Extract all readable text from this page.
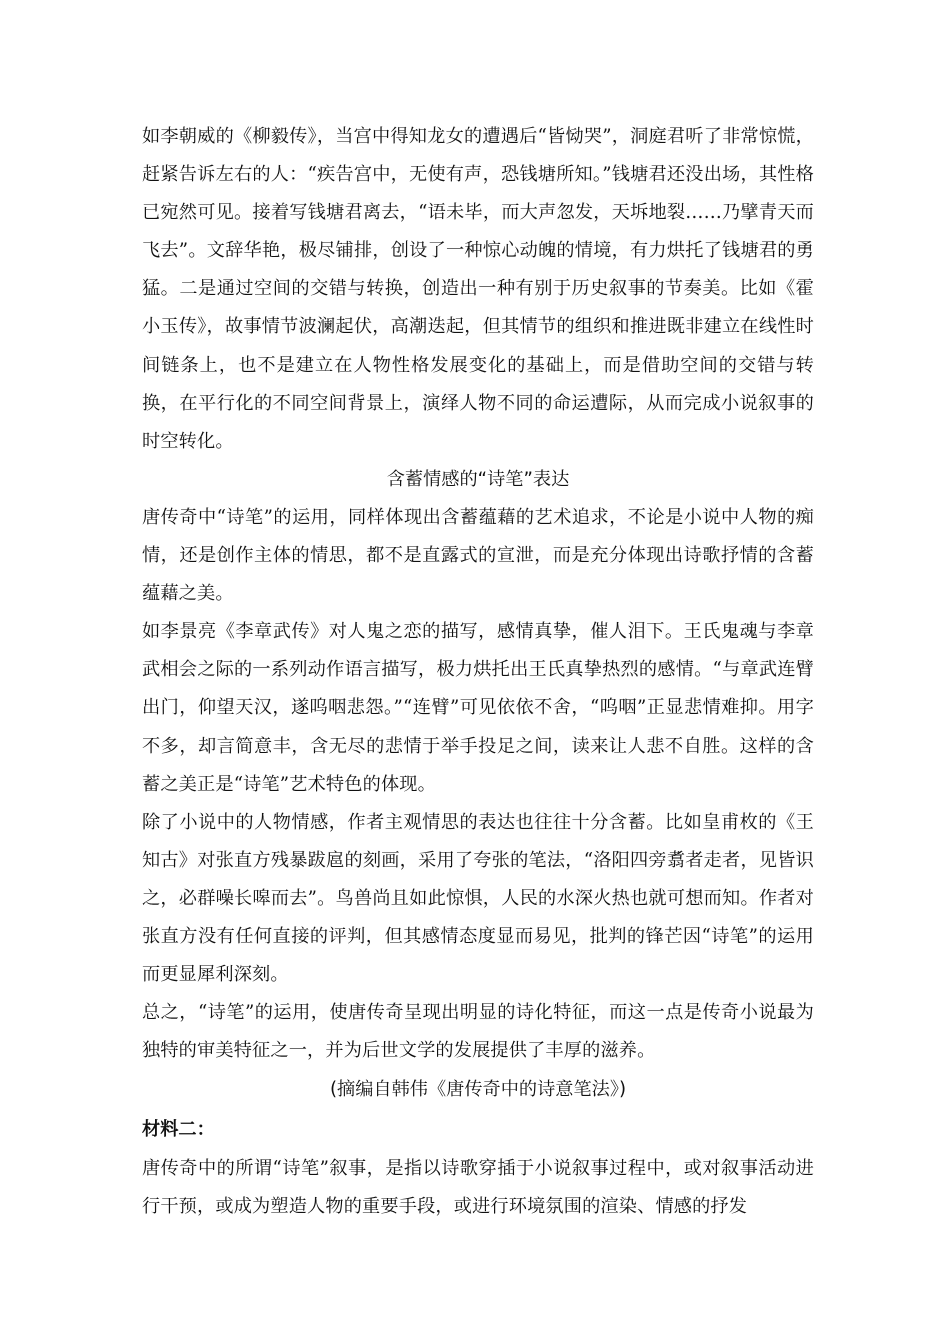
如李朝威的《柳毅传》，当宫中得知龙女的遭遇后“皆恸哭”，洞庭君听了非常惊慌，赶紧告诉左右的人：“疾告宫中，无使有声，恐钱塘所知。”钱塘君还没出场，其性格已宛然可见。接着写钱塘君离去，“语未毕，而大声忽发，天坼地裂……乃擘青天而飞去”。文辞华艳，极尽铺排，创设了一种惊心动魄的情境，有力烘托了钱塘君的勇猛。二是通过空间的交错与转换，创造出一种有别于历史叙事的节奏美。比如《霍小玉传》，故事情节波澜起伏，高潮迭起，但其情节的组织和推进既非建立在线性时间链条上，也不是建立在人物性格发展变化的基础上，而是借助空间的交错与转换，在平行化的不同空间背景上，演绎人物不同的命运遭际，从而完成小说叙事的时空转化。

含蓄情感的“诗笔”表达

唐传奇中“诗笔”的运用，同样体现出含蓄蕴藉的艺术追求，不论是小说中人物的痴情，还是创作主体的情思，都不是直露式的宣泄，而是充分体现出诗歌抒情的含蓄蕴藉之美。

如李景亮《李章武传》对人鬼之恋的描写，感情真挚，催人泪下。王氏鬼魂与李章武相会之际的一系列动作语言描写，极力烘托出王氏真挚热烈的感情。“与章武连臂出门，仰望天汉，遂呜咽悲怨。”“连臂”可见依依不舍，“呜咽”正显悲情难抑。用字不多，却言简意丰，含无尽的悲情于举手投足之间，读来让人悲不自胜。这样的含蓄之美正是“诗笔”艺术特色的体现。

除了小说中的人物情感，作者主观情思的表达也往往十分含蓄。比如皇甫枚的《王知古》对张直方残暴跋扈的刻画，采用了夸张的笔法，“洛阳四旁翥者走者，见皆识之，必群噪长嗥而去”。鸟兽尚且如此惊惧，人民的水深火热也就可想而知。作者对张直方没有任何直接的评判，但其感情态度显而易见，批判的锋芒因“诗笔”的运用而更显犀利深刻。

总之，“诗笔”的运用，使唐传奇呈现出明显的诗化特征，而这一点是传奇小说最为独特的审美特征之一，并为后世文学的发展提供了丰厚的滋养。

(摘编自韩伟《唐传奇中的诗意笔法》)

材料二：

唐传奇中的所谓“诗笔”叙事，是指以诗歌穿插于小说叙事过程中，或对叙事活动进行干预，或成为塑造人物的重要手段，或进行环境氛围的渲染、情感的抒发
